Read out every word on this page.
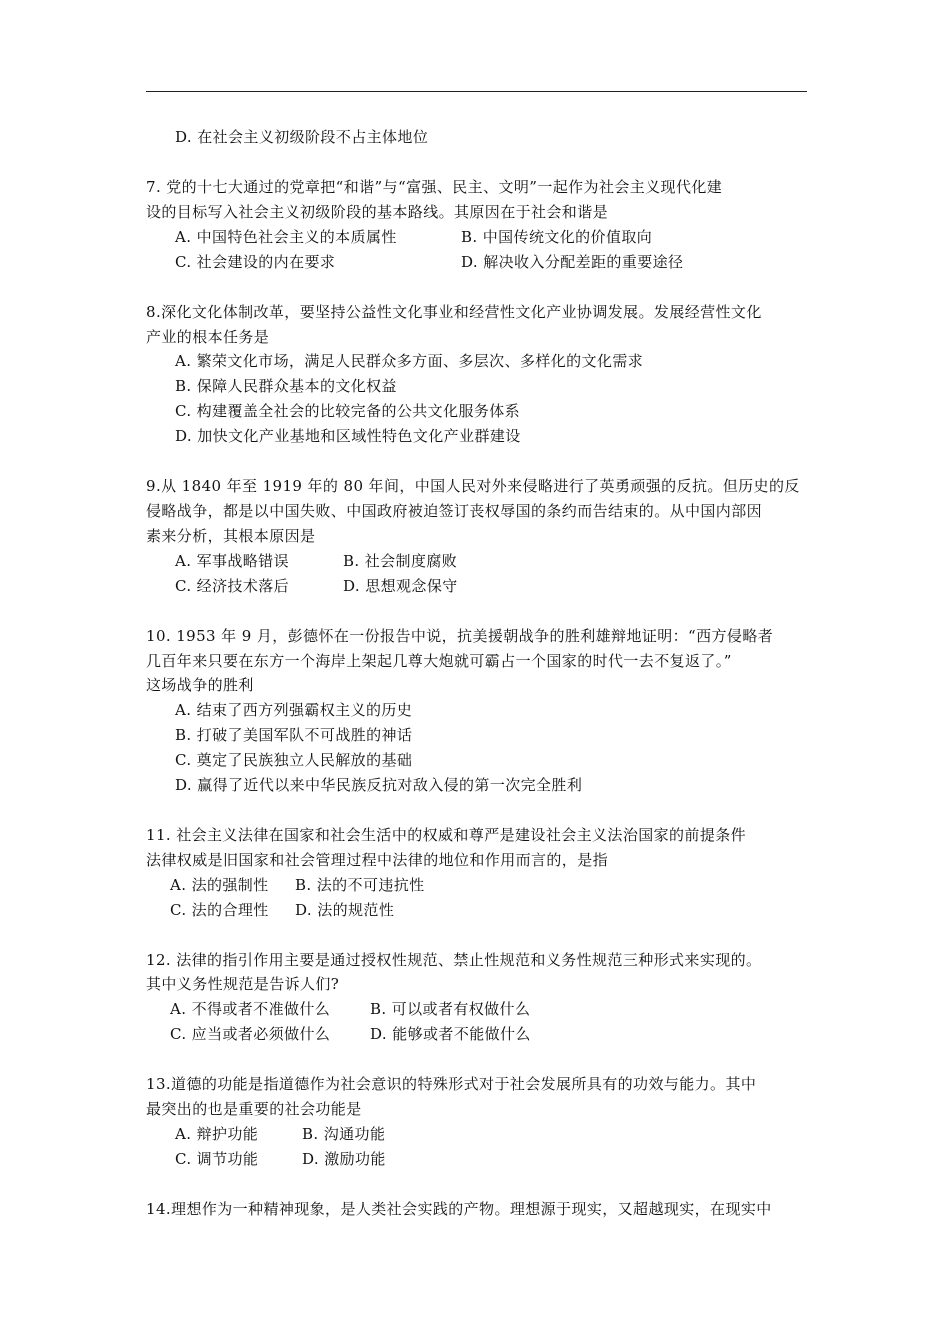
D. 在社会主义初级阶段不占主体地位
7. 党的十七大通过的党章把“和谐”与“富强、民主、文明”一起作为社会主义现代化建
设的目标写入社会主义初级阶段的基本路线。其原因在于社会和谐是
A. 中国特色社会主义的本质属性	B. 中国传统文化的价值取向
C. 社会建设的内在要求	D. 解决收入分配差距的重要途径
8.深化文化体制改革，要坚持公益性文化事业和经营性文化产业协调发展。发展经营性文化
产业的根本任务是
A. 繁荣文化市场，满足人民群众多方面、多层次、多样化的文化需求
B. 保障人民群众基本的文化权益
C. 构建覆盖全社会的比较完备的公共文化服务体系
D. 加快文化产业基地和区域性特色文化产业群建设
9.从 1840 年至 1919 年的 80 年间，中国人民对外来侵略进行了英勇顽强的反抗。但历史的反
侵略战争，都是以中国失败、中国政府被迫签订丧权辱国的条约而告结束的。从中国内部因
素来分析，其根本原因是
A. 军事战略错误	B. 社会制度腐败
C. 经济技术落后	D. 思想观念保守
10. 1953 年 9 月，彭德怀在一份报告中说，抗美援朝战争的胜利雄辩地证明：“西方侵略者
几百年来只要在东方一个海岸上架起几尊大炮就可霸占一个国家的时代一去不复返了。”
这场战争的胜利
A. 结束了西方列强霸权主义的历史
B. 打破了美国军队不可战胜的神话
C. 奠定了民族独立人民解放的基础
D. 赢得了近代以来中华民族反抗对敌入侵的第一次完全胜利
11. 社会主义法律在国家和社会生活中的权威和尊严是建设社会主义法治国家的前提条件
法律权威是旧国家和社会管理过程中法律的地位和作用而言的，是指
A. 法的强制性 B. 法的不可违抗性
C. 法的合理性 D. 法的规范性
12. 法律的指引作用主要是通过授权性规范、禁止性规范和义务性规范三种形式来实现的。
其中义务性规范是告诉人们?
A. 不得或者不准做什么	B. 可以或者有权做什么
C. 应当或者必须做什么	D. 能够或者不能做什么
13.道德的功能是指道德作为社会意识的特殊形式对于社会发展所具有的功效与能力。其中
最突出的也是重要的社会功能是
A. 辩护功能	B. 沟通功能
C. 调节功能	D. 激励功能
14.理想作为一种精神现象，是人类社会实践的产物。理想源于现实，又超越现实，在现实中
